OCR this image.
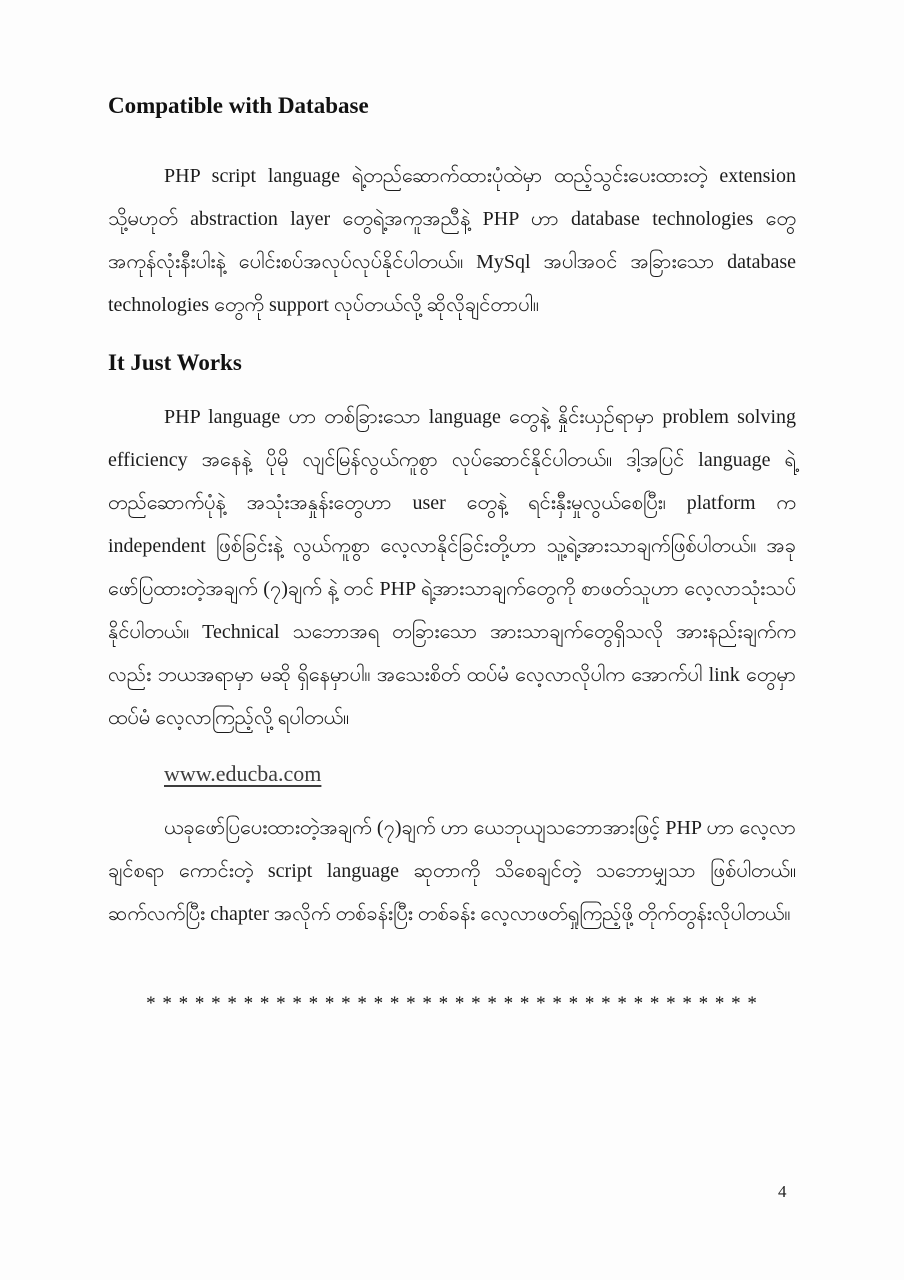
Compatible with Database

PHP script language ရဲ့တည်ဆောက်ထားပုံထဲမှာ ထည့်သွင်းပေးထားတဲ့ extension သို့မဟုတ် abstraction layer တွေရဲ့အကူအညီနဲ့ PHP ဟာ database technologies တွေ အကုန်လုံးနီးပါးနဲ့ ပေါင်းစပ်အလုပ်လုပ်နိုင်ပါတယ်။ MySql အပါအဝင် အခြားသော database technologies တွေကို support လုပ်တယ်လို့ ဆိုလိုချင်တာပါ။

It Just Works

PHP language ဟာ တစ်ခြားသော language တွေနဲ့ နှိုင်းယှဉ်ရာမှာ problem solving efficiency အနေနဲ့ ပိုမို လျင်မြန်လွယ်ကူစွာ လုပ်ဆောင်နိုင်ပါတယ်။ ဒါ့အပြင် language ရဲ့ တည်ဆောက်ပုံနဲ့ အသုံးအနှုန်းတွေဟာ user တွေနဲ့ ရင်းနှီးမှုလွယ်စေပြီး၊ platform က independent ဖြစ်ခြင်းနဲ့ လွယ်ကူစွာ လေ့လာနိုင်ခြင်းတို့ဟာ သူ့ရဲ့အားသာချက်ဖြစ်ပါတယ်။ အခုဖော်ပြထားတဲ့အချက် (၇)ချက် နဲ့ တင် PHP ရဲ့အားသာချက်တွေကို စာဖတ်သူဟာ လေ့လာသုံးသပ်နိုင်ပါတယ်။ Technical သဘောအရ တခြားသော အားသာချက်တွေရှိသလို အားနည်းချက်ကလည်း ဘယအရာမှာ မဆို ရှိနေမှာပါ။ အသေးစိတ် ထပ်မံ လေ့လာလိုပါက အောက်ပါ link တွေမှာ ထပ်မံ လေ့လာကြည့်လို့ ရပါတယ်။

www.educba.com

ယခုဖော်ပြပေးထားတဲ့အချက် (၇)ချက် ဟာ ယေဘုယျသဘောအားဖြင့် PHP ဟာ လေ့လာချင်စရာ ကောင်းတဲ့ script language ဆုတာကို သိစေချင်တဲ့ သဘောမျှသာ ဖြစ်ပါတယ်။ ဆက်လက်ပြီး chapter အလိုက် တစ်ခန်းပြီး တစ်ခန်း လေ့လာဖတ်ရှုကြည့်ဖို့ တိုက်တွန်းလိုပါတယ်။

* * * * * * * * * * * * * * * * * * * * * * * * * * * * * * * * * * * * * *
4
